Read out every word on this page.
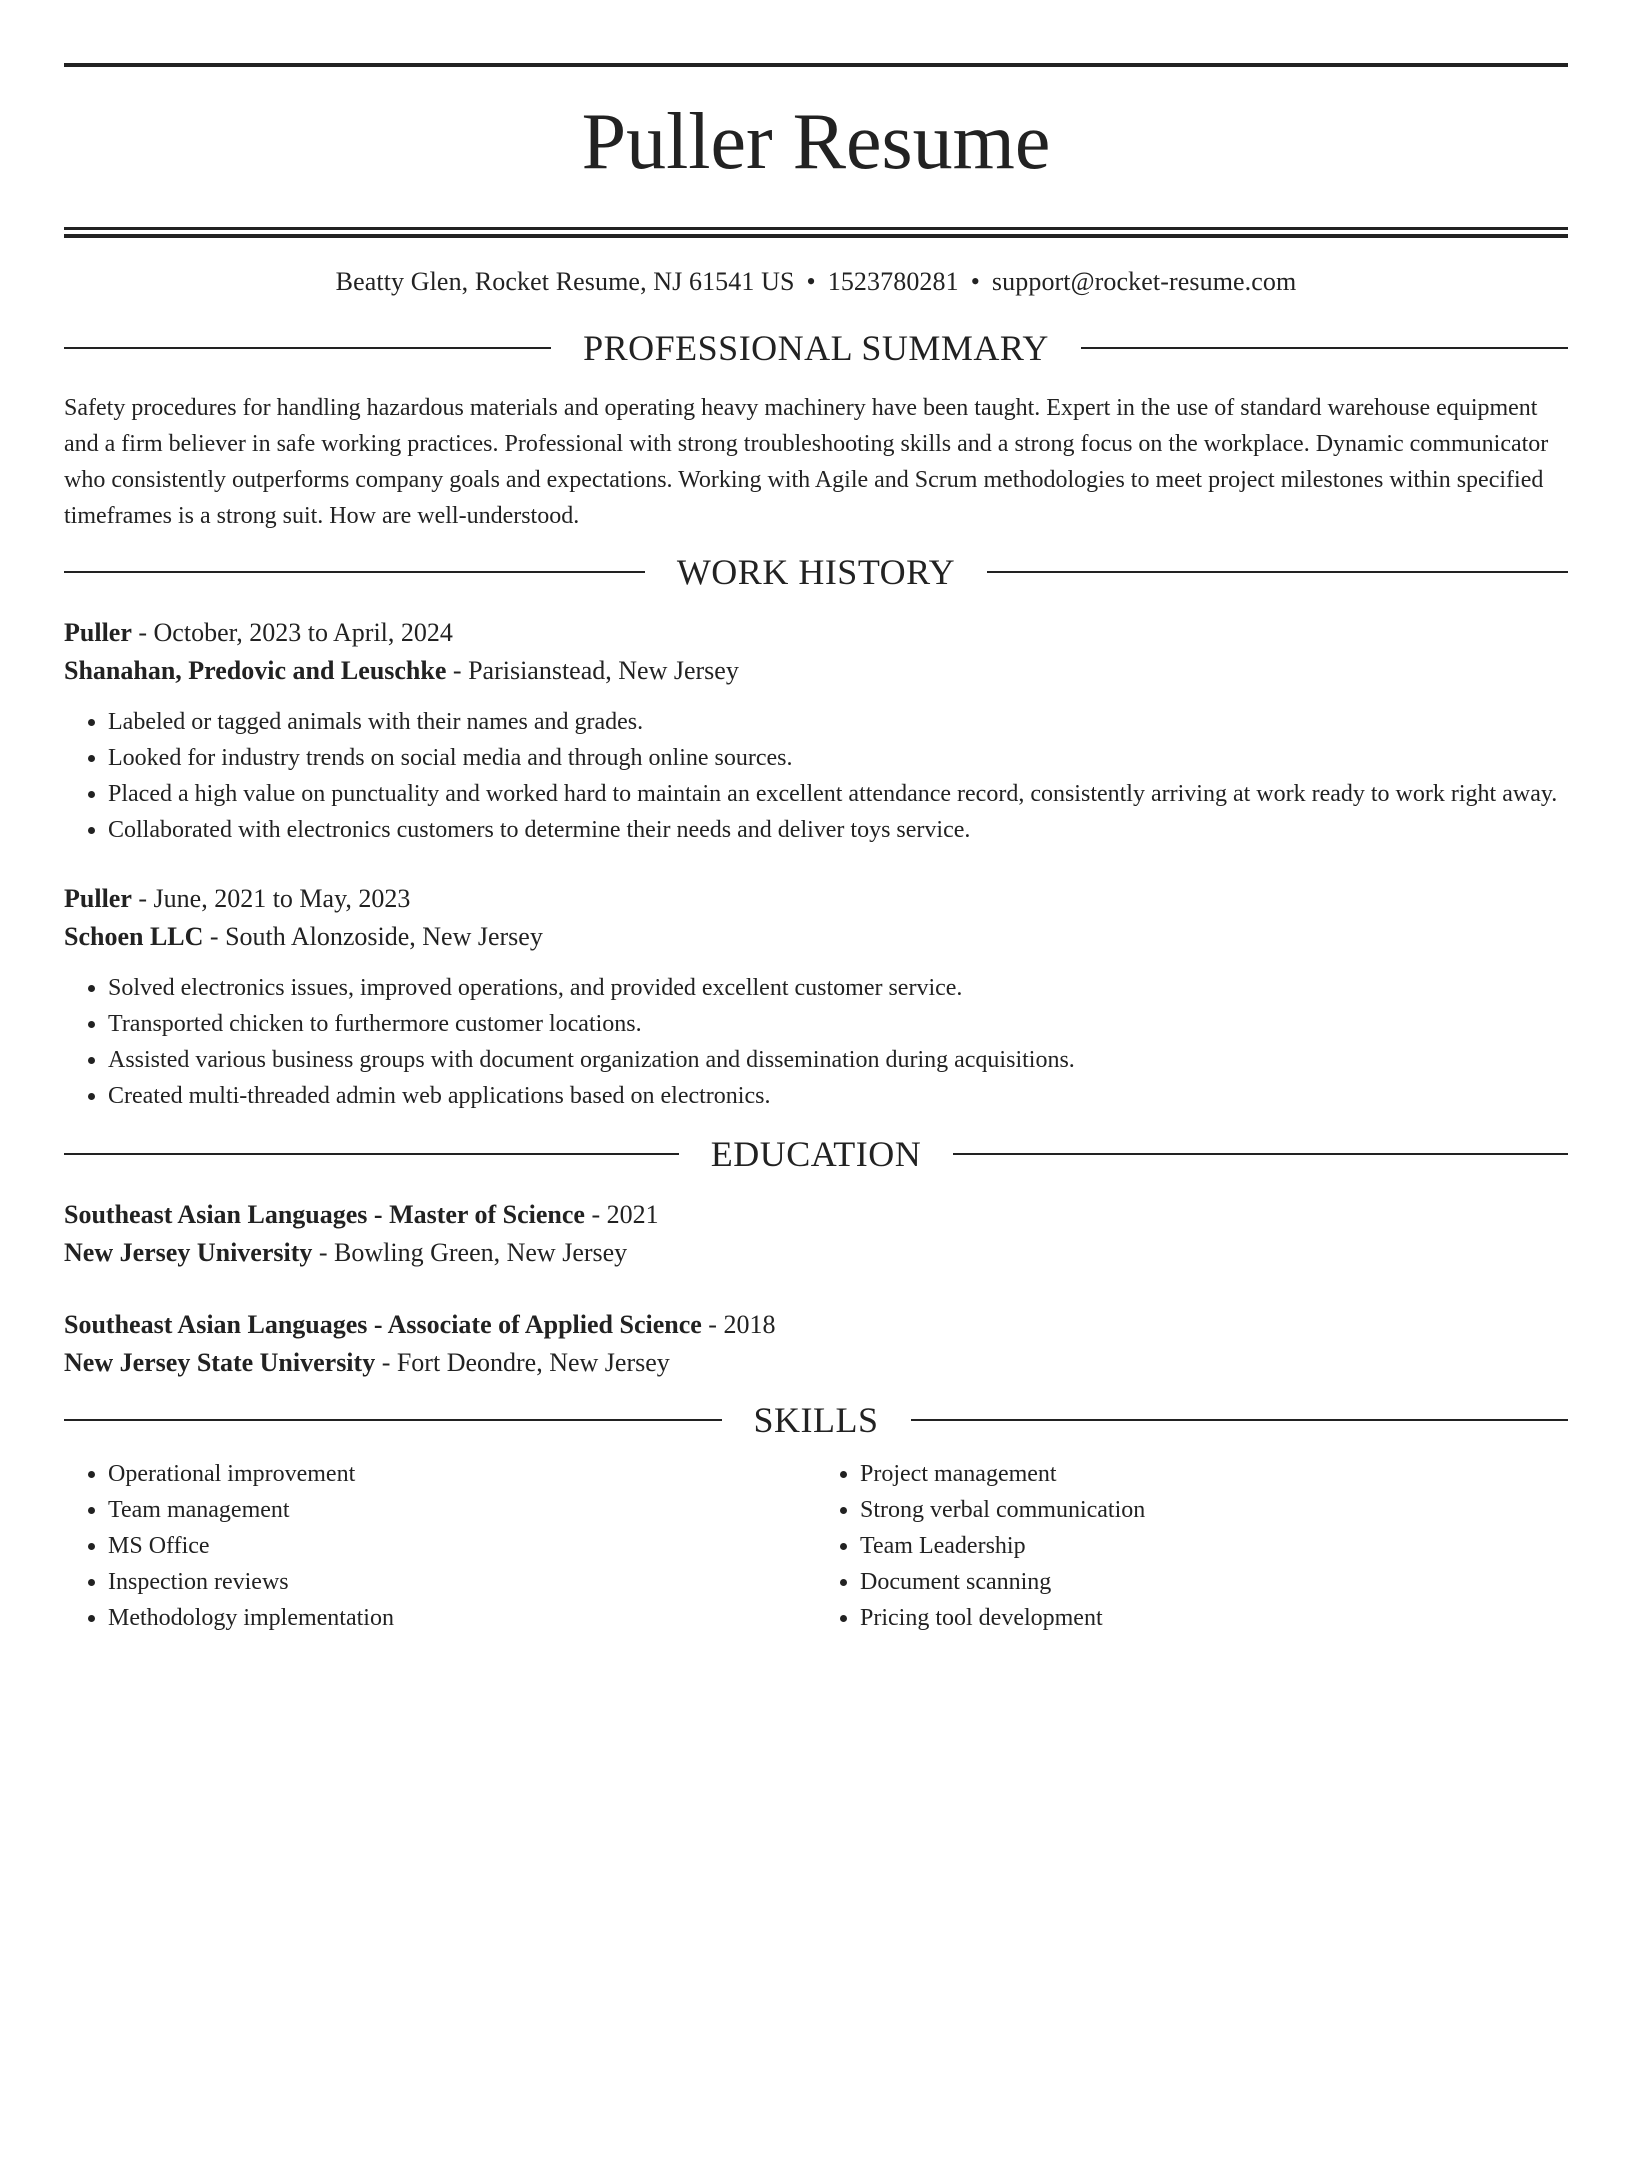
Puller Resume
Beatty Glen, Rocket Resume, NJ 61541 US • 1523780281 • support@rocket-resume.com
PROFESSIONAL SUMMARY
Safety procedures for handling hazardous materials and operating heavy machinery have been taught. Expert in the use of standard warehouse equipment and a firm believer in safe working practices. Professional with strong troubleshooting skills and a strong focus on the workplace. Dynamic communicator who consistently outperforms company goals and expectations. Working with Agile and Scrum methodologies to meet project milestones within specified timeframes is a strong suit. How are well-understood.
WORK HISTORY
Puller - October, 2023 to April, 2024
Shanahan, Predovic and Leuschke - Parisianstead, New Jersey
• Labeled or tagged animals with their names and grades.
• Looked for industry trends on social media and through online sources.
• Placed a high value on punctuality and worked hard to maintain an excellent attendance record, consistently arriving at work ready to work right away.
• Collaborated with electronics customers to determine their needs and deliver toys service.
Puller - June, 2021 to May, 2023
Schoen LLC - South Alonzoside, New Jersey
• Solved electronics issues, improved operations, and provided excellent customer service.
• Transported chicken to furthermore customer locations.
• Assisted various business groups with document organization and dissemination during acquisitions.
• Created multi-threaded admin web applications based on electronics.
EDUCATION
Southeast Asian Languages - Master of Science - 2021
New Jersey University - Bowling Green, New Jersey
Southeast Asian Languages - Associate of Applied Science - 2018
New Jersey State University - Fort Deondre, New Jersey
SKILLS
• Operational improvement
• Team management
• MS Office
• Inspection reviews
• Methodology implementation
• Project management
• Strong verbal communication
• Team Leadership
• Document scanning
• Pricing tool development
